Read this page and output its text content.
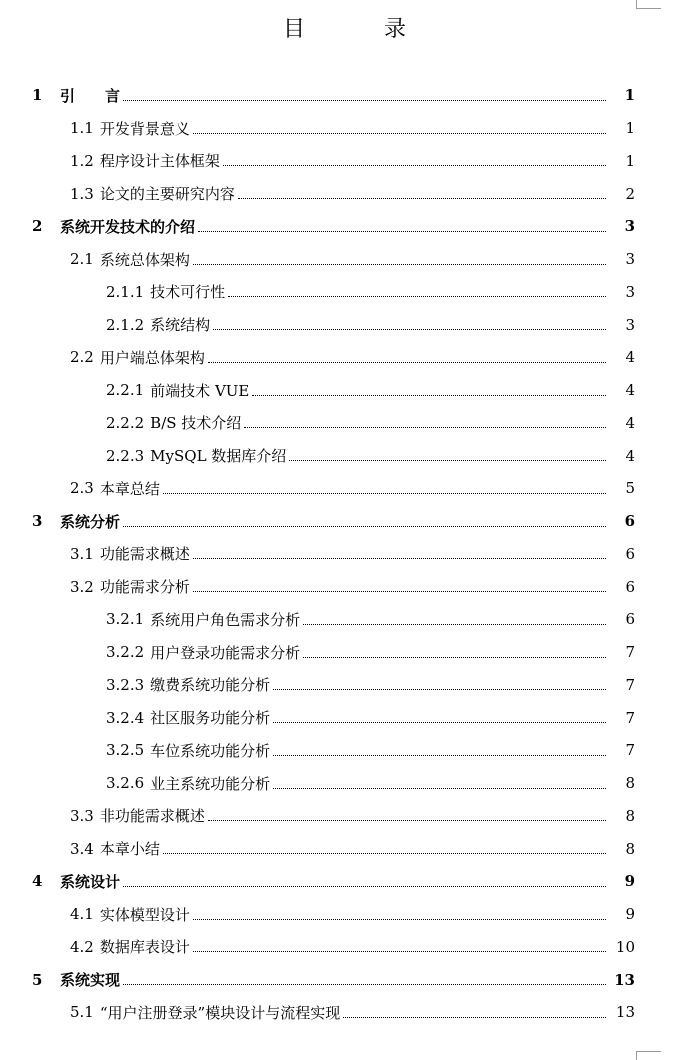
目 录
1	引　　言	1
1.1 开发背景意义	1
1.2 程序设计主体框架	1
1.3 论文的主要研究内容	2
2	系统开发技术的介绍	3
2.1 系统总体架构	3
2.1.1 技术可行性	3
2.1.2 系统结构	3
2.2 用户端总体架构	4
2.2.1 前端技术 VUE	4
2.2.2 B/S 技术介绍	4
2.2.3 MySQL 数据库介绍	4
2.3 本章总结	5
3	系统分析	6
3.1 功能需求概述	6
3.2 功能需求分析	6
3.2.1 系统用户角色需求分析	6
3.2.2 用户登录功能需求分析	7
3.2.3 缴费系统功能分析	7
3.2.4 社区服务功能分析	7
3.2.5 车位系统功能分析	7
3.2.6 业主系统功能分析	8
3.3 非功能需求概述	8
3.4 本章小结	8
4	系统设计	9
4.1 实体模型设计	9
4.2 数据库表设计	10
5	系统实现	13
5.1 “用户注册登录”模块设计与流程实现	13
